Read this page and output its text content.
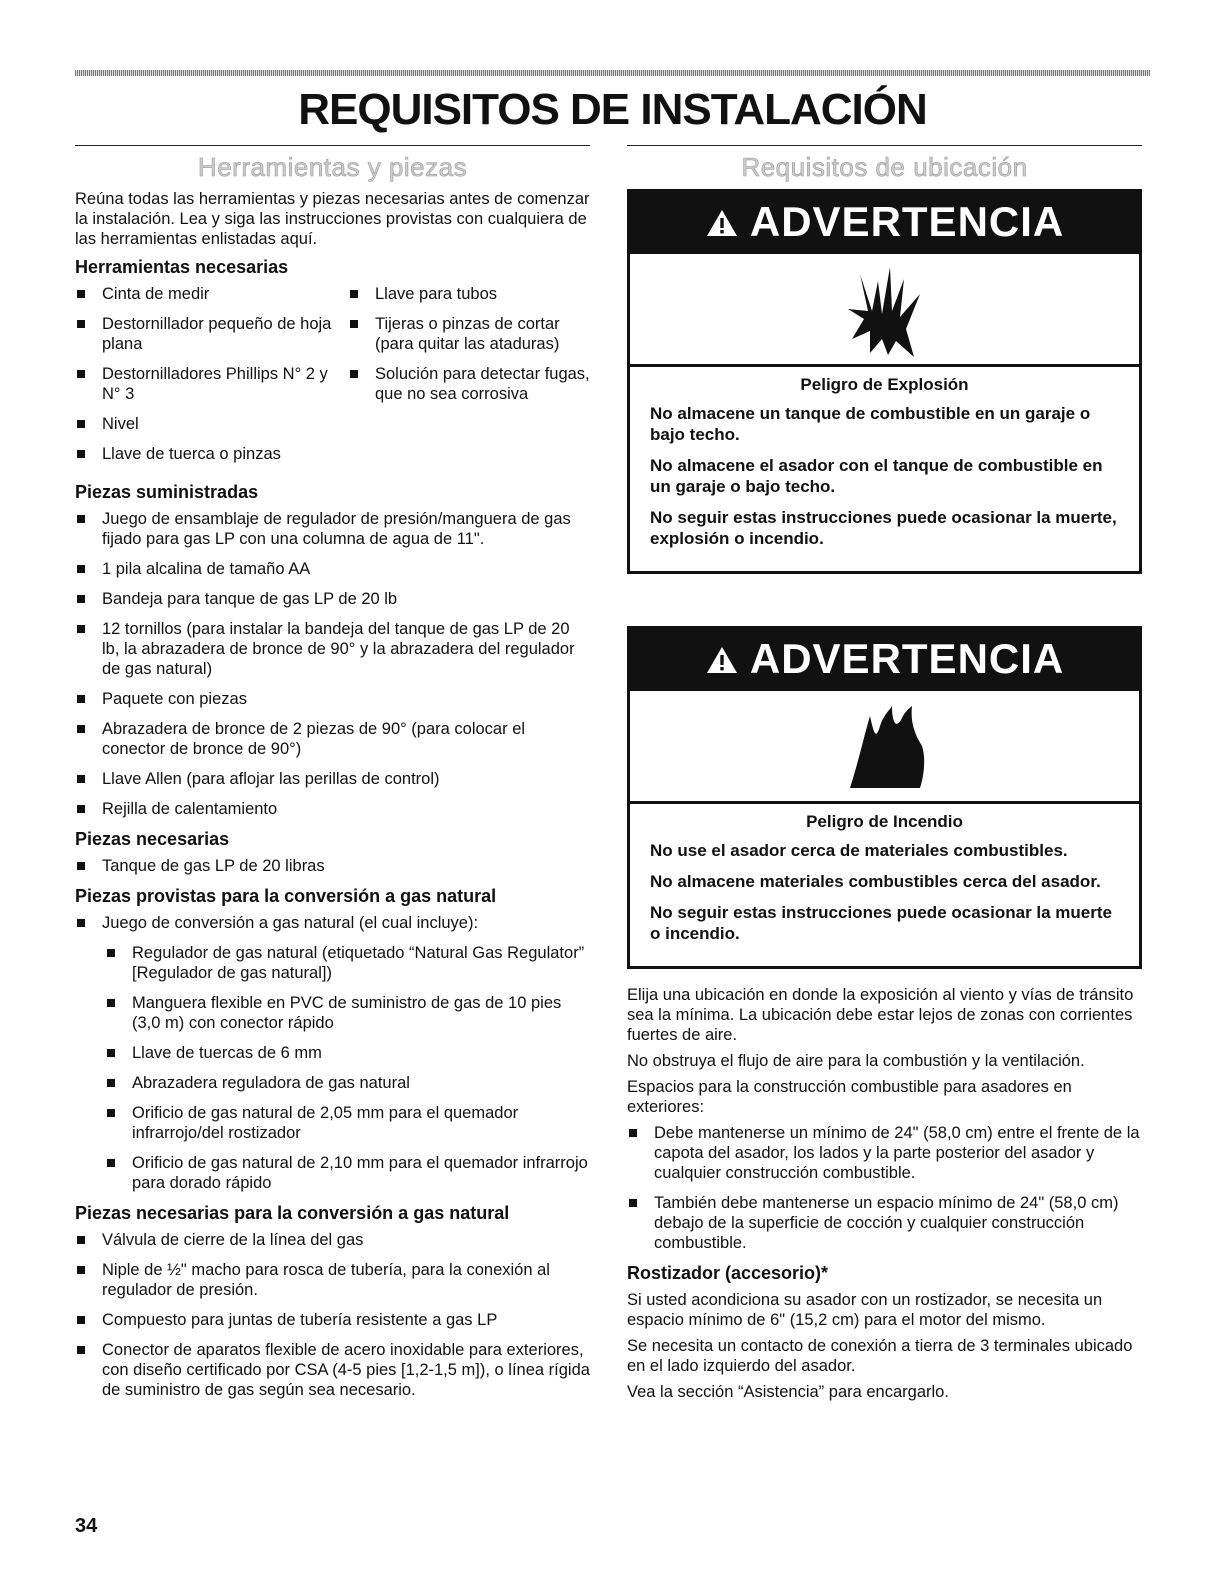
REQUISITOS DE INSTALACIÓN
Herramientas y piezas

Reúna todas las herramientas y piezas necesarias antes de comenzar la instalación. Lea y siga las instrucciones provistas con cualquiera de las herramientas enlistadas aquí.

Herramientas necesarias
Cinta de medir
Destornillador pequeño de hoja plana
Destornilladores Phillips N° 2 y N° 3
Nivel
Llave de tuerca o pinzas
Llave para tubos
Tijeras o pinzas de cortar (para quitar las ataduras)
Solución para detectar fugas, que no sea corrosiva
Piezas suministradas
Juego de ensamblaje de regulador de presión/manguera de gas fijado para gas LP con una columna de agua de 11".
1 pila alcalina de tamaño AA
Bandeja para tanque de gas LP de 20 lb
12 tornillos (para instalar la bandeja del tanque de gas LP de 20 lb, la abrazadera de bronce de 90° y la abrazadera del regulador de gas natural)
Paquete con piezas
Abrazadera de bronce de 2 piezas de 90° (para colocar el conector de bronce de 90°)
Llave Allen (para aflojar las perillas de control)
Rejilla de calentamiento
Piezas necesarias
Tanque de gas LP de 20 libras
Piezas provistas para la conversión a gas natural
Juego de conversión a gas natural (el cual incluye):
Regulador de gas natural (etiquetado “Natural Gas Regulator” [Regulador de gas natural])
Manguera flexible en PVC de suministro de gas de 10 pies (3,0 m) con conector rápido
Llave de tuercas de 6 mm
Abrazadera reguladora de gas natural
Orificio de gas natural de 2,05 mm para el quemador infrarrojo/del rostizador
Orificio de gas natural de 2,10 mm para el quemador infrarrojo para dorado rápido
Piezas necesarias para la conversión a gas natural
Válvula de cierre de la línea del gas
Niple de ½" macho para rosca de tubería, para la conexión al regulador de presión.
Compuesto para juntas de tubería resistente a gas LP
Conector de aparatos flexible de acero inoxidable para exteriores, con diseño certificado por CSA (4-5 pies [1,2-1,5 m]), o línea rígida de suministro de gas según sea necesario.
Requisitos de ubicación
ADVERTENCIA
Peligro de Explosión

No almacene un tanque de combustible en un garaje o bajo techo.

No almacene el asador con el tanque de combustible en un garaje o bajo techo.

No seguir estas instrucciones puede ocasionar la muerte, explosión o incendio.

ADVERTENCIA
Peligro de Incendio

No use el asador cerca de materiales combustibles.

No almacene materiales combustibles cerca del asador.

No seguir estas instrucciones puede ocasionar la muerte o incendio.

Elija una ubicación en donde la exposición al viento y vías de tránsito sea la mínima. La ubicación debe estar lejos de zonas con corrientes fuertes de aire.

No obstruya el flujo de aire para la combustión y la ventilación.

Espacios para la construcción combustible para asadores en exteriores:

Debe mantenerse un mínimo de 24" (58,0 cm) entre el frente de la capota del asador, los lados y la parte posterior del asador y cualquier construcción combustible.
También debe mantenerse un espacio mínimo de 24" (58,0 cm) debajo de la superficie de cocción y cualquier construcción combustible.
Rostizador (accesorio)*

Si usted acondiciona su asador con un rostizador, se necesita un espacio mínimo de 6" (15,2 cm) para el motor del mismo.

Se necesita un contacto de conexión a tierra de 3 terminales ubicado en el lado izquierdo del asador.

Vea la sección “Asistencia” para encargarlo.

34
